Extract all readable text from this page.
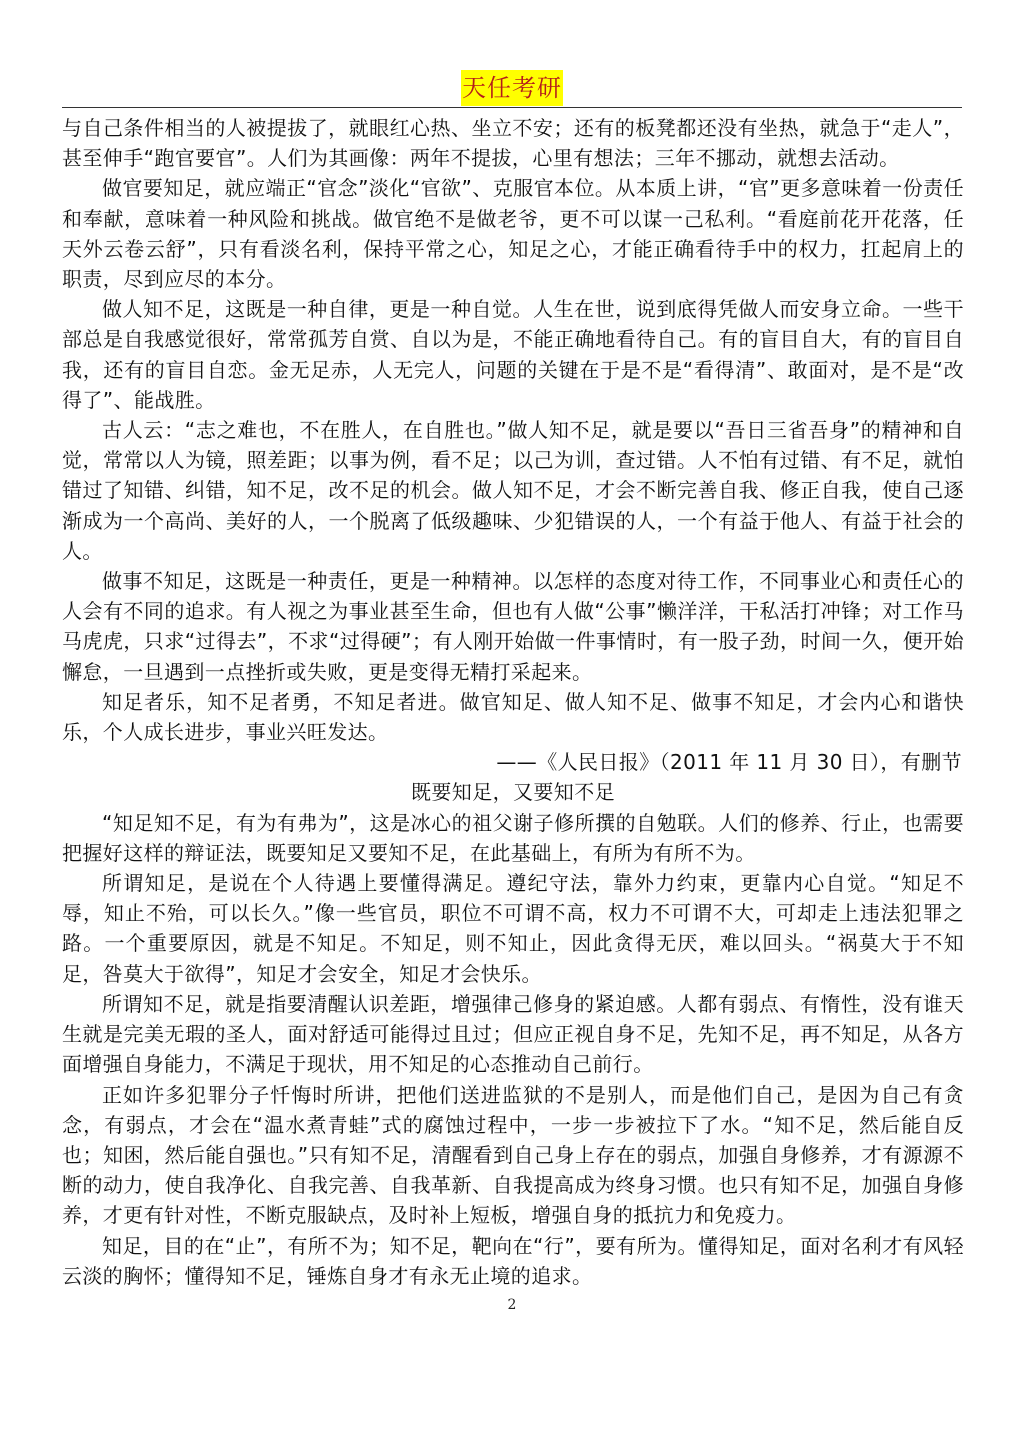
天任考研

与自己条件相当的人被提拔了，就眼红心热、坐立不安；还有的板凳都还没有坐热，就急于“走人”，甚至伸手“跑官要官”。人们为其画像：两年不提拔，心里有想法；三年不挪动，就想去活动。

做官要知足，就应端正“官念”淡化“官欲”、克服官本位。从本质上讲，“官”更多意味着一份责任和奉献，意味着一种风险和挑战。做官绝不是做老爷，更不可以谋一己私利。“看庭前花开花落，任天外云卷云舒”，只有看淡名利，保持平常之心，知足之心，才能正确看待手中的权力，扛起肩上的职责，尽到应尽的本分。

做人知不足，这既是一种自律，更是一种自觉。人生在世，说到底得凭做人而安身立命。一些干部总是自我感觉很好，常常孤芳自赏、自以为是，不能正确地看待自己。有的盲目自大，有的盲目自我，还有的盲目自恋。金无足赤，人无完人，问题的关键在于是不是“看得清”、敢面对，是不是“改得了”、能战胜。

古人云：“志之难也，不在胜人，在自胜也。”做人知不足，就是要以“吾日三省吾身”的精神和自觉，常常以人为镜，照差距；以事为例，看不足；以己为训，查过错。人不怕有过错、有不足，就怕错过了知错、纠错，知不足，改不足的机会。做人知不足，才会不断完善自我、修正自我，使自己逐渐成为一个高尚、美好的人，一个脱离了低级趣味、少犯错误的人，一个有益于他人、有益于社会的人。

做事不知足，这既是一种责任，更是一种精神。以怎样的态度对待工作，不同事业心和责任心的人会有不同的追求。有人视之为事业甚至生命，但也有人做“公事”懒洋洋，干私活打冲锋；对工作马马虎虎，只求“过得去”，不求“过得硬”；有人刚开始做一件事情时，有一股子劲，时间一久，便开始懈怠，一旦遇到一点挫折或失败，更是变得无精打采起来。

知足者乐，知不足者勇，不知足者进。做官知足、做人知不足、做事不知足，才会内心和谐快乐，个人成长进步，事业兴旺发达。

——《人民日报》（2011 年 11 月 30 日），有删节
既要知足，又要知不足

“知足知不足，有为有弗为”，这是冰心的祖父谢子修所撰的自勉联。人们的修养、行止，也需要把握好这样的辩证法，既要知足又要知不足，在此基础上，有所为有所不为。

所谓知足，是说在个人待遇上要懂得满足。遵纪守法，靠外力约束，更靠内心自觉。“知足不辱，知止不殆，可以长久。”像一些官员，职位不可谓不高，权力不可谓不大，可却走上违法犯罪之路。一个重要原因，就是不知足。不知足，则不知止，因此贪得无厌，难以回头。“祸莫大于不知足，咎莫大于欲得”，知足才会安全，知足才会快乐。

所谓知不足，就是指要清醒认识差距，增强律己修身的紧迫感。人都有弱点、有惰性，没有谁天生就是完美无瑕的圣人，面对舒适可能得过且过；但应正视自身不足，先知不足，再不知足，从各方面增强自身能力，不满足于现状，用不知足的心态推动自己前行。

正如许多犯罪分子忏悔时所讲，把他们送进监狱的不是别人，而是他们自己，是因为自己有贪念，有弱点，才会在“温水煮青蛙”式的腐蚀过程中，一步一步被拉下了水。“知不足，然后能自反也；知困，然后能自强也。”只有知不足，清醒看到自己身上存在的弱点，加强自身修养，才有源源不断的动力，使自我净化、自我完善、自我革新、自我提高成为终身习惯。也只有知不足，加强自身修养，才更有针对性，不断克服缺点，及时补上短板，增强自身的抵抗力和免疫力。

知足，目的在“止”，有所不为；知不足，靶向在“行”，要有所为。懂得知足，面对名利才有风轻云淡的胸怀；懂得知不足，锤炼自身才有永无止境的追求。

2
